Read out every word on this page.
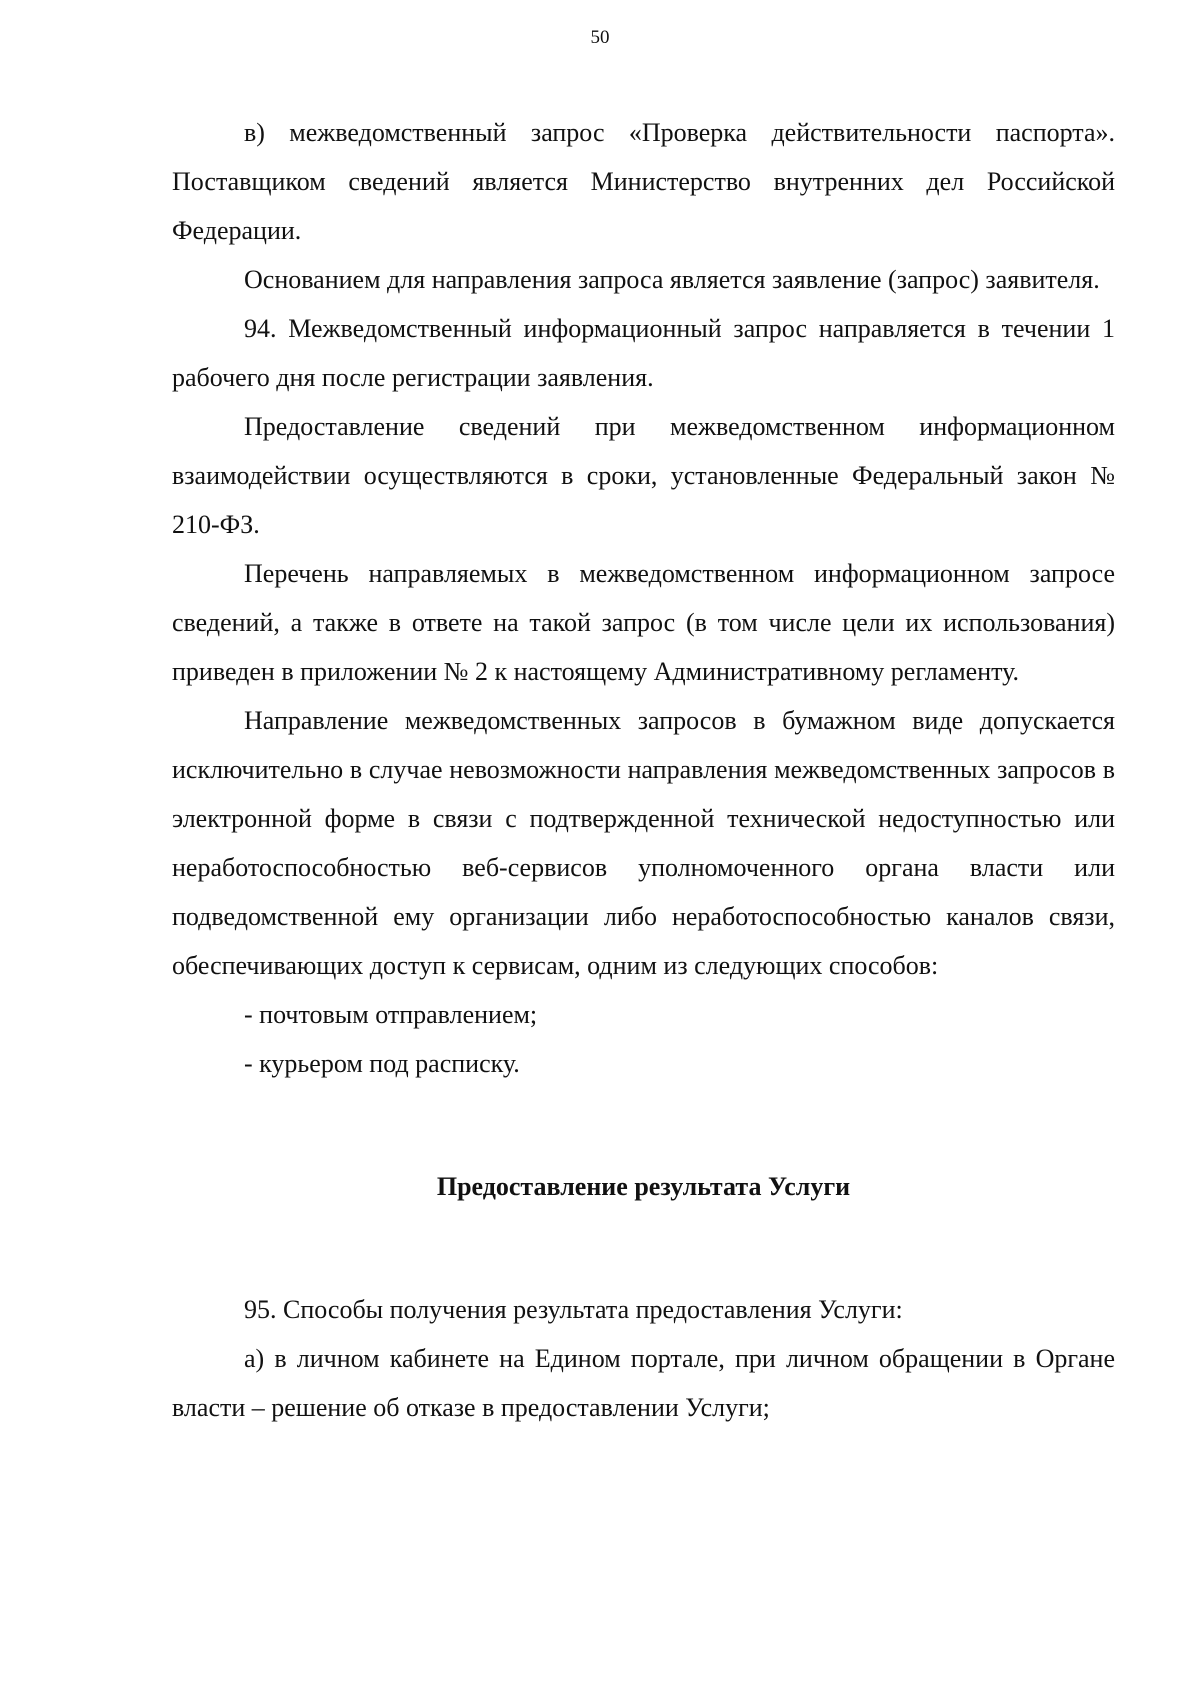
50

в) межведомственный запрос «Проверка действительности паспорта». Поставщиком сведений является Министерство внутренних дел Российской Федерации.

Основанием для направления запроса является заявление (запрос) заявителя.

94. Межведомственный информационный запрос направляется в течении 1 рабочего дня после регистрации заявления.

Предоставление сведений при межведомственном информационном взаимодействии осуществляются в сроки, установленные Федеральный закон № 210-ФЗ.

Перечень направляемых в межведомственном информационном запросе сведений, а также в ответе на такой запрос (в том числе цели их использования) приведен в приложении № 2 к настоящему Административному регламенту.

Направление межведомственных запросов в бумажном виде допускается исключительно в случае невозможности направления межведомственных запросов в электронной форме в связи с подтвержденной технической недоступностью или неработоспособностью веб-сервисов уполномоченного органа власти или подведомственной ему организации либо неработоспособностью каналов связи, обеспечивающих доступ к сервисам, одним из следующих способов:

- почтовым отправлением;

- курьером под расписку.

Предоставление результата Услуги

95. Способы получения результата предоставления Услуги:

а) в личном кабинете на Едином портале, при личном обращении в Органе власти – решение об отказе в предоставлении Услуги;
